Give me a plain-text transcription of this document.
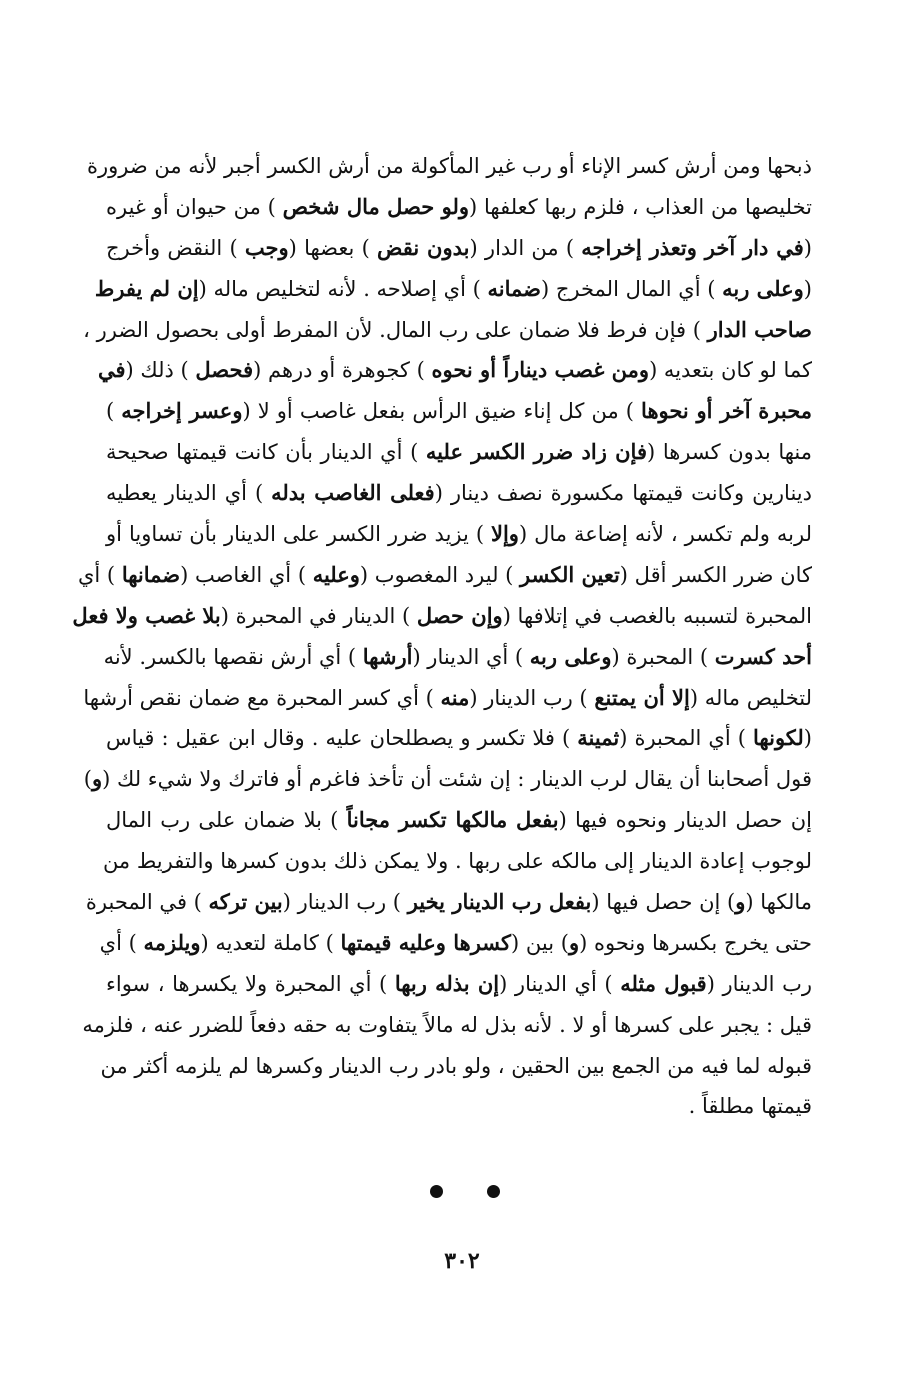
ذبحها ومن أرش كسر الإناء أو رب غير المأكولة من أرش الكسر أجبر لأنه من ضرورة
تخليصها من العذاب ، فلزم ربها كعلفها (ولو حصل مال شخص ) من حيوان أو غيره
(في دار آخر وتعذر إخراجه ) من الدار (بدون نقض ) بعضها (وجب ) النقض وأخرج
(وعلى ربه ) أي المال المخرج (ضمانه ) أي إصلاحه . لأنه لتخليص ماله (إن لم يفرط
صاحب الدار ) فإن فرط فلا ضمان على رب المال. لأن المفرط أولى بحصول الضرر ،
كما لو كان بتعديه (ومن غصب ديناراً أو نحوه ) كجوهرة أو درهم (فحصل ) ذلك (في
محبرة آخر أو نحوها ) من كل إناء ضيق الرأس بفعل غاصب أو لا (وعسر إخراجه )
منها بدون كسرها (فإن زاد ضرر الكسر عليه ) أي الدينار بأن كانت قيمتها صحيحة
دينارين وكانت قيمتها مكسورة نصف دينار (فعلى الغاصب بدله ) أي الدينار يعطيه
لربه ولم تكسر ، لأنه إضاعة مال (وإلا ) يزيد ضرر الكسر على الدينار بأن تساويا أو
كان ضرر الكسر أقل (تعين الكسر ) ليرد المغصوب (وعليه ) أي الغاصب (ضمانها ) أي
المحبرة لتسببه بالغصب في إتلافها (وإن حصل ) الدينار في المحبرة (بلا غصب ولا فعل
أحد كسرت ) المحبرة (وعلى ربه ) أي الدينار (أرشها ) أي أرش نقصها بالكسر. لأنه
لتخليص ماله (إلا أن يمتنع ) رب الدينار (منه ) أي كسر المحبرة مع ضمان نقص أرشها
(لكونها ) أي المحبرة (ثمينة ) فلا تكسر و يصطلحان عليه . وقال ابن عقيل : قياس
قول أصحابنا أن يقال لرب الدينار : إن شئت أن تأخذ فاغرم أو فاترك ولا شيء لك (و)
إن حصل الدينار ونحوه فيها (بفعل مالكها تكسر مجاناً ) بلا ضمان على رب المال
لوجوب إعادة الدينار إلى مالكه على ربها . ولا يمكن ذلك بدون كسرها والتفريط من
مالكها (و) إن حصل فيها (بفعل رب الدينار يخير ) رب الدينار (بين تركه ) في المحبرة
حتى يخرج بكسرها ونحوه (و) بين (كسرها وعليه قيمتها ) كاملة لتعديه (ويلزمه ) أي
رب الدينار (قبول مثله ) أي الدينار (إن بذله ربها ) أي المحبرة ولا يكسرها ، سواء
قيل : يجبر على كسرها أو لا . لأنه بذل له مالاً يتفاوت به حقه دفعاً للضرر عنه ، فلزمه
قبوله لما فيه من الجمع بين الحقين ، ولو بادر رب الدينار وكسرها لم يلزمه أكثر من
قيمتها مطلقاً .
٣٠٢
